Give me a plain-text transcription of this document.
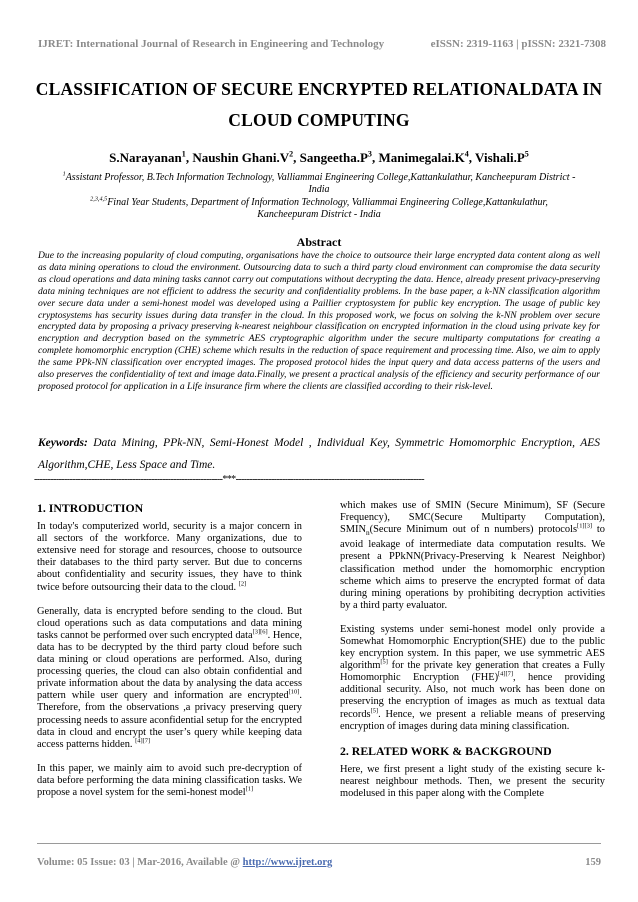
IJRET: International Journal of Research in Engineering and Technology	eISSN: 2319-1163 | pISSN: 2321-7308
CLASSIFICATION OF SECURE ENCRYPTED RELATIONALDATA IN
CLOUD COMPUTING
S.Narayanan$^1$, Naushin $Ghani.V^2$, $Sangeetha.P^3$, $Manimegalai.K^4$, $Vishali.P^5$
$^1$Assistant Professor, B.Tech Information Technology, Valliammai Engineering College,Kattankulathur, Kancheepuram District -
India
$^{2,3,4,5}$Final Year Students, Department of Information Technology, Valliammai Engineering College,Kattankulathur,
Kancheepuram District - India
Abstract
Due to the increasing popularity of cloud computing, organisations have the choice to outsource their large encrypted data content along as well as data mining operations to cloud the environment. Outsourcing data to such a third party cloud environment can compromise the data security as cloud operations and data mining tasks cannot carry out computations without decrypting the data. Hence, already present privacy-preserving data mining techniques are not efficient to address the security and confidentiality problems. In the base paper, a k-NN classification algorithm over secure data under a semi-honest model was developed using a Paillier cryptosystem for public key encryption. The usage of public key cryptosystems has security issues during data transfer in the cloud. In this proposed work, we focus on solving the k-NN problem over secure encrypted data by proposing a privacy preserving k-nearest neighbour classification on encrypted information in the cloud using private key for encryption and decryption based on the symmetric AES cryptographic algorithm under the secure multiparty computations for creating a complete homomorphic encryption (CHE) scheme which results in the reduction of space requirement and processing time. Also, we aim to apply the same PPk-NN classification over encrypted images. The proposed protocol hides the input query and data access patterns of the users and also preserves the confidentiality of text and image data.Finally, we present a practical analysis of the efficiency and security performance of our proposed protocol for application in a Life insurance firm where the clients are classified according to their risk-level.
Keywords: Data Mining, PPk-NN, Semi-Honest Model , Individual Key, Symmetric Homomorphic Encryption, AES Algorithm,CHE, Less Space and Time.
---------------------------------------------------------------------***---------------------------------------------------------------------
1. INTRODUCTION

In today's computerized world, security is a major concern in all sectors of the workforce. Many organizations, due to extensive need for storage and resources, choose to outsource their databases to the third party server. But due to concerns about confidentiality and security issues, they have to think twice before outsourcing their data to the cloud. [2]

Generally, data is encrypted before sending to the cloud. But cloud operations such as data computations and data mining tasks cannot be performed over such encrypted data[3][6]. Hence, data has to be decrypted by the third party cloud before such data mining or cloud operations are performed. Also, during processing queries, the cloud can also obtain confidential and private information about the data by analysing the data access pattern while user query and information are encrypted[10]. Therefore, from the observations ,a privacy preserving query processing needs to assure aconfidential setup for the encrypted data in cloud and encrypt the user’s query while keeping data access patterns hidden. [4][7]

In this paper, we mainly aim to avoid such pre-decryption of data before performing the data mining classification tasks. We propose a novel system for the semi-honest model[1]

which makes use of SMIN (Secure Minimum), SF (Secure Frequency), SMC(Secure Multiparty Computation), $SMIN_n(Secure$ Minimum out of n numbers) protocols[1][3] to avoid leakage of intermediate data computation results. We present a PPkNN(Privacy-Preserving k Nearest Neighbor) classification method under the homomorphic encryption scheme which aims to preserve the encrypted format of data during mining operations by prohibiting decryption activities by a third party evaluator.

Existing systems under semi-honest model only provide a Somewhat Homomorphic Encryption(SHE) due to the public key encryption system. In this paper, we use symmetric AES algorithm[5] for the private key generation that creates a Fully Homomorphic Encryption (FHE)[4][7], hence providing additional security. Also, not much work has been done on preserving the encryption of images as much as textual data records[5]. Hence, we present a reliable means of preserving encryption of images during data mining classification.

2. RELATED WORK & BACKGROUND

Here, we first present a light study of the existing secure k-nearest neighbour methods. Then, we present the security modelused in this paper along with the Complete

Volume: 05 Issue: 03 | Mar-2016, Available @ http://www.ijret.org	159
